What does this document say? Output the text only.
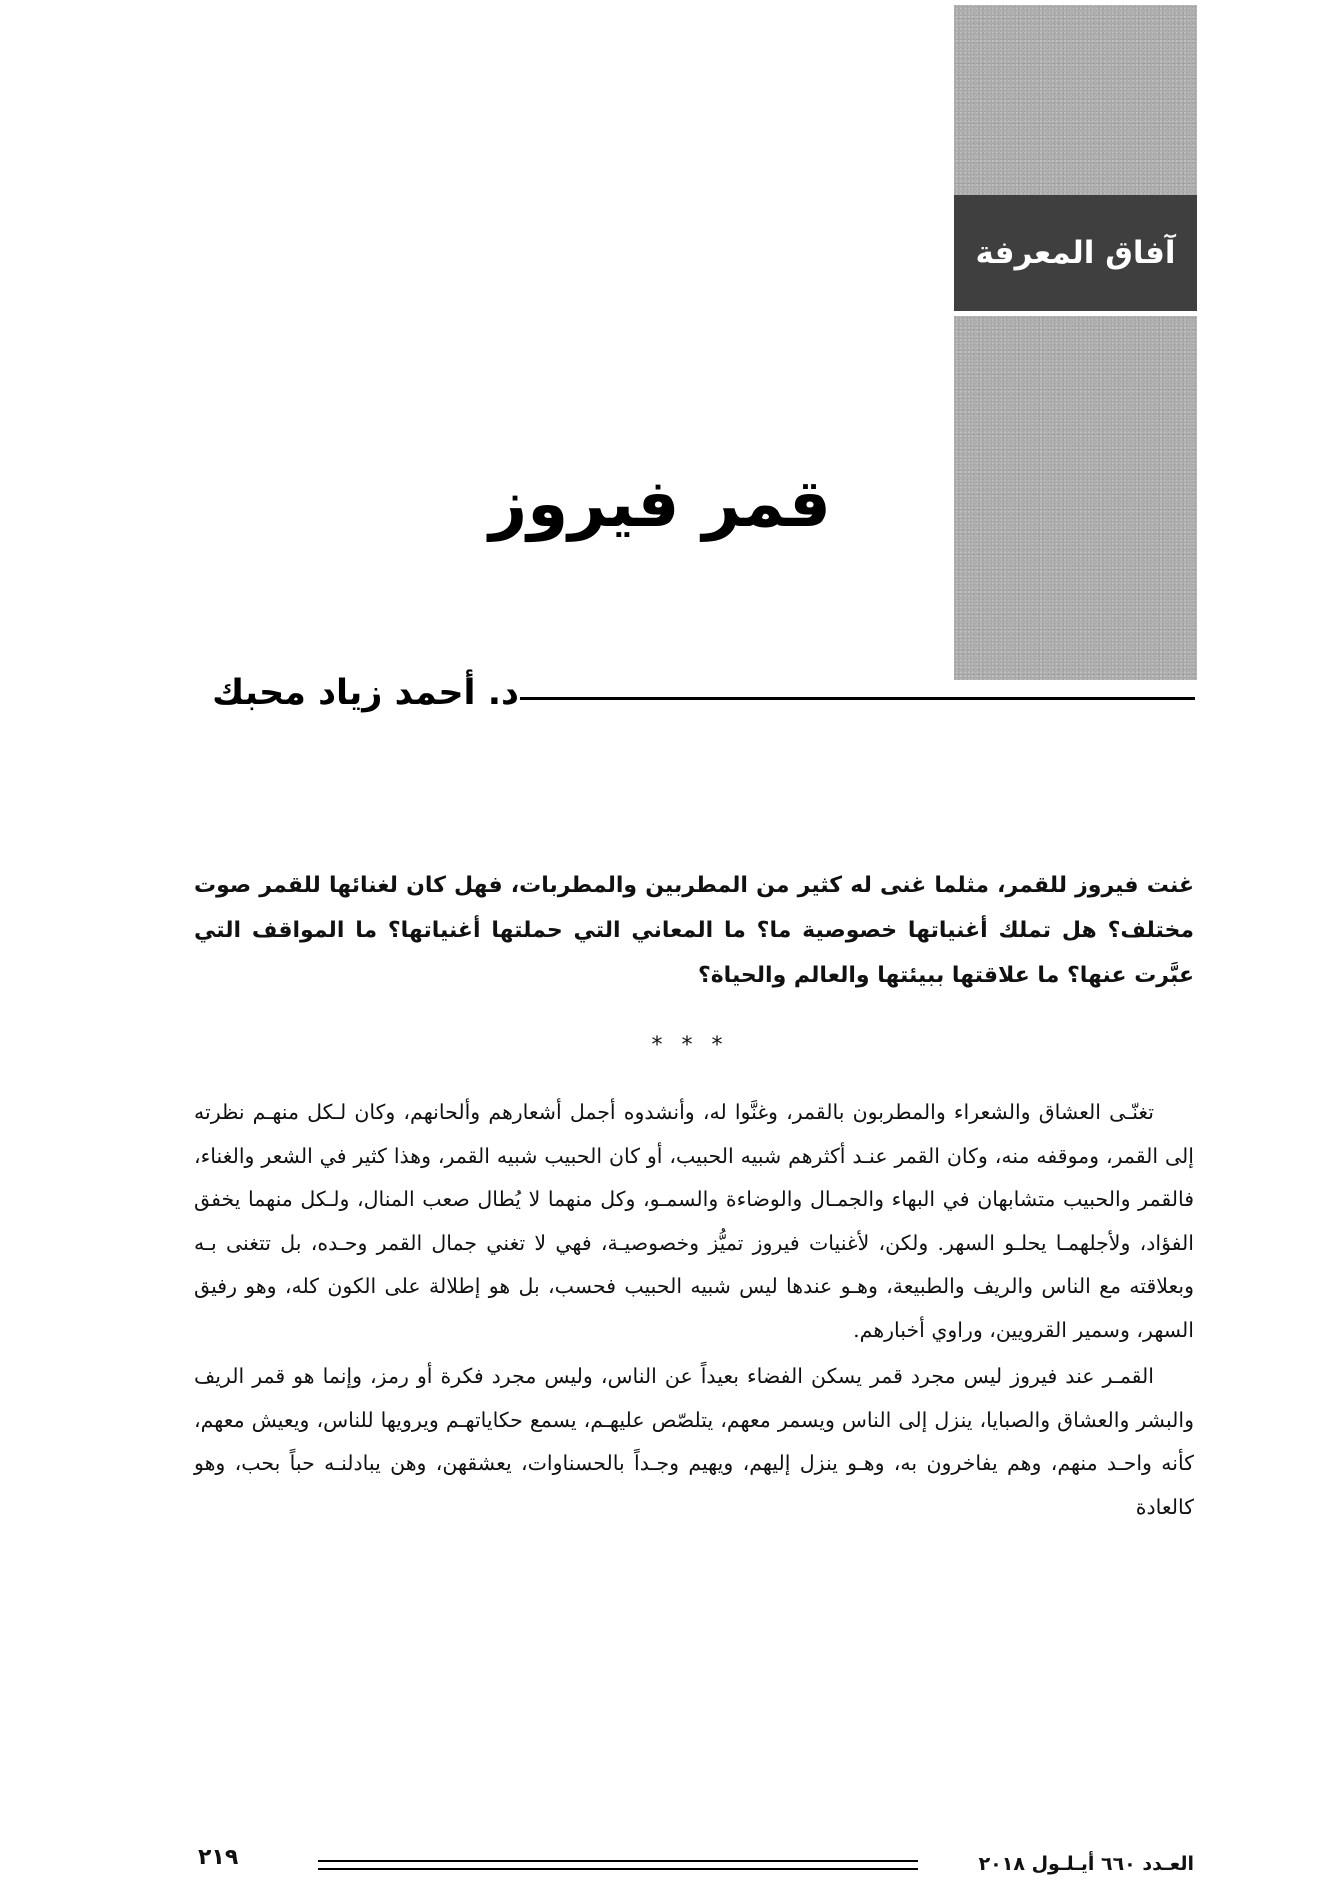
آفاق المعرفة
قمر فيروز
د. أحمد زياد محبك
غنت فيروز للقمر، مثلما غنى له كثير من المطربين والمطربات، فهل كان لغنائها للقمر صوت مختلف؟ هل تملك أغنياتها خصوصية ما؟ ما المعاني التي حملتها أغنياتها؟ ما المواقف التي عبَّرت عنها؟ ما علاقتها ببيئتها والعالم والحياة؟
* * *

تغنّـى العشاق والشعراء والمطربون بالقمر، وغنَّوا له، وأنشدوه أجمل أشعارهم وألحانهم، وكان لـكل منهـم نظرته إلى القمر، وموقفه منه، وكان القمر عنـد أكثرهم شبيه الحبيب، أو كان الحبيب شبيه القمر، وهذا كثير في الشعر والغناء، فالقمر والحبيب متشابهان في البهاء والجمـال والوضاءة والسمـو، وكل منهما لا يُطال صعب المنال، ولـكل منهما يخفق الفؤاد، ولأجلهمـا يحلـو السهر. ولكن، لأغنيات فيروز تميُّز وخصوصيـة، فهي لا تغني جمال القمر وحـده، بل تتغنى بـه وبعلاقته مع الناس والريف والطبيعة، وهـو عندها ليس شبيه الحبيب فحسب، بل هو إطلالة على الكون كله، وهو رفيق السهر، وسمير القرويين، وراوي أخبارهم.

القمـر عند فيروز ليس مجرد قمر يسكن الفضاء بعيداً عن الناس، وليس مجرد فكرة أو رمز، وإنما هو قمر الريف والبشر والعشاق والصبايا، ينزل إلى الناس ويسمر معهم، يتلصّص عليهـم، يسمع حكاياتهـم ويرويها للناس، ويعيش معهم، كأنه واحـد منهم، وهم يفاخرون به، وهـو ينزل إليهم، ويهيم وجـداً بالحسناوات، يعشقهن، وهن يبادلنـه حباً بحب، وهو كالعادة

العـدد ٦٦٠ أيـلـول ٢٠١٨
٢١٩
